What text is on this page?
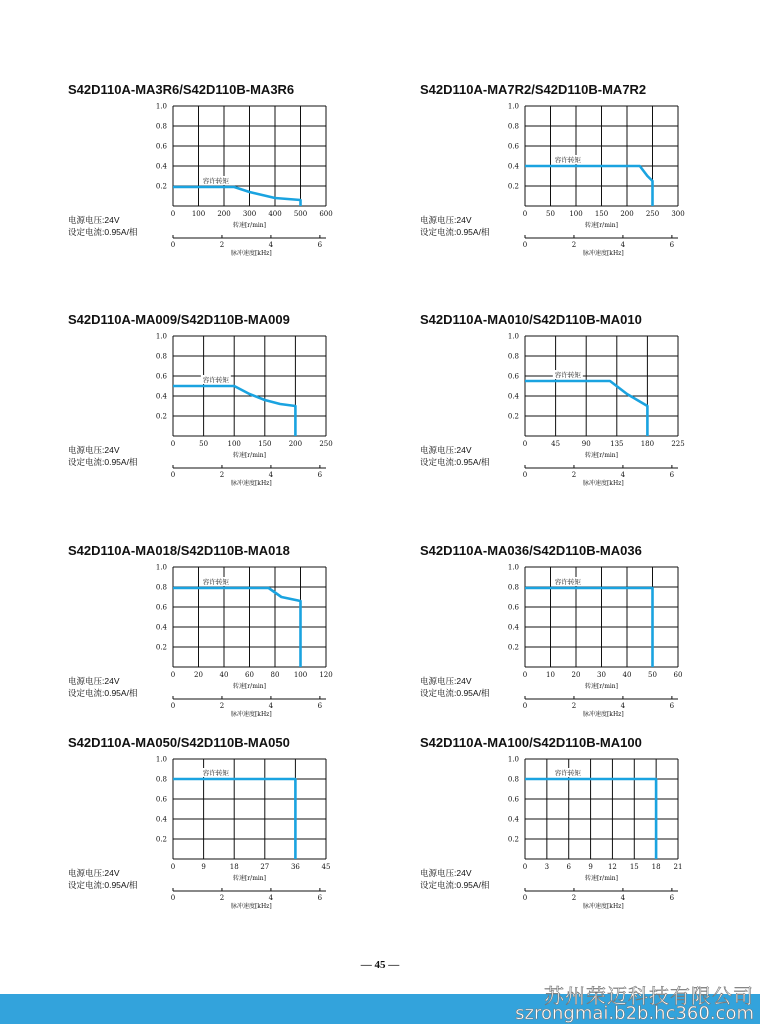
S42D110A-MA3R6/S42D110B-MA3R6
0.2
0.4
0.6
0.8
1.0
0 100 200 300 400 500 600
转速[r/min]
0	2	4	6
脉冲速度[kHz]
容许转矩
电源电压:24V
设定电流:0.95A/相
S42D110A-MA7R2/S42D110B-MA7R2
0.2
0.4
0.6
0.8
1.0
0	50 100 150 200 250 300
转速[r/min]
0	2	4	6
脉冲速度[kHz]
容许转矩
电源电压:24V
设定电流:0.95A/相
S42D110A-MA009/S42D110B-MA009
0.2
0.4
0.6
0.8
1.0
0	50	100 150 200 250
转速[r/min]
0	2	4	6
脉冲速度[kHz]
容许转矩
电源电压:24V
设定电流:0.95A/相
S42D110A-MA010/S42D110B-MA010
0.2
0.4
0.6
0.8
1.0
0	45	90	135 180 225
转速[r/min]
0	2	4	6
脉冲速度[kHz]
容许转矩
电源电压:24V
设定电流:0.95A/相
S42D110A-MA018/S42D110B-MA018
0.2
0.4
0.6
0.8
1.0
0	20 40 60 80 100 120
转速[r/min]
0	2	4	6
脉冲速度[kHz]
容许转矩
电源电压:24V
设定电流:0.95A/相
S42D110A-MA036/S42D110B-MA036
0.2
0.4
0.6
0.8
1.0
0	10 20 30 40 50 60
转速[r/min]
0	2	4	6
脉冲速度[kHz]
容许转矩
电源电压:24V
设定电流:0.95A/相
S42D110A-MA050/S42D110B-MA050
0.2
0.4
0.6
0.8
1.0
0	9	18	27	36	45
转速[r/min]
0	2	4	6
脉冲速度[kHz]
容许转矩
电源电压:24V
设定电流:0.95A/相
S42D110A-MA100/S42D110B-MA100
0.2
0.4
0.6
0.8
1.0
0 3 6 9 12 15 18 21
转速[r/min]
0	2	4	6
脉冲速度[kHz]
容许转矩
电源电压:24V
设定电流:0.95A/相
— 45 —
苏州荣迈科技有限公司
szrongmai.b2b.hc360.com
